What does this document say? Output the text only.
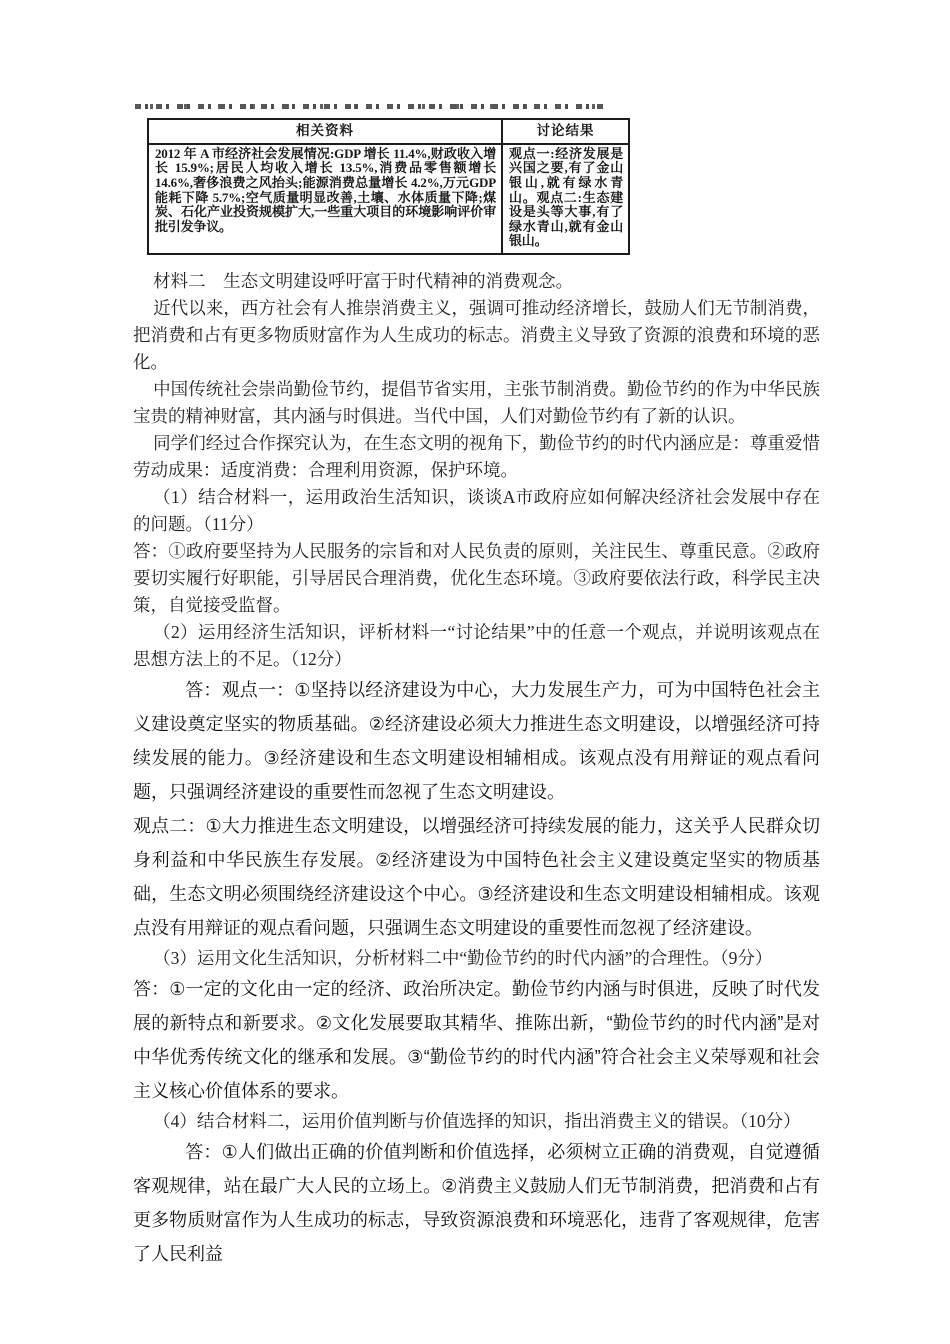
相关资料	讨论结果
2012 年 A 市经济社会发展情况:GDP 增长 11.4%,财政收入增长 15.9%;居民人均收入增长 13.5%,消费品零售额增长 14.6%,奢侈浪费之风抬头;能源消费总量增长 4.2%,万元GDP 能耗下降 5.7%;空气质量明显改善,土壤、水体质量下降;煤炭、石化产业投资规模扩大,一些重大项目的环境影响评价审批引发争议。	观点一:经济发展是兴国之要,有了金山银山,就有绿水青山。观点二:生态建设是头等大事,有了绿水青山,就有金山银山。

材料二　生态文明建设呼吁富于时代精神的消费观念。

近代以来，西方社会有人推崇消费主义，强调可推动经济增长，鼓励人们无节制消费，把消费和占有更多物质财富作为人生成功的标志。消费主义导致了资源的浪费和环境的恶化。

中国传统社会崇尚勤俭节约，提倡节省实用，主张节制消费。勤俭节约的作为中华民族宝贵的精神财富，其内涵与时俱进。当代中国，人们对勤俭节约有了新的认识。

同学们经过合作探究认为，在生态文明的视角下，勤俭节约的时代内涵应是：尊重爱惜劳动成果：适度消费：合理利用资源，保护环境。

（1）结合材料一，运用政治生活知识，谈谈A市政府应如何解决经济社会发展中存在的问题。（11分）

答：①政府要坚持为人民服务的宗旨和对人民负责的原则，关注民生、尊重民意。②政府要切实履行好职能，引导居民合理消费，优化生态环境。③政府要依法行政，科学民主决策，自觉接受监督。

（2）运用经济生活知识，评析材料一“讨论结果”中的任意一个观点，并说明该观点在思想方法上的不足。（12分）

答：观点一：①坚持以经济建设为中心，大力发展生产力，可为中国特色社会主义建设奠定坚实的物质基础。②经济建设必须大力推进生态文明建设，以增强经济可持续发展的能力。③经济建设和生态文明建设相辅相成。该观点没有用辩证的观点看问题，只强调经济建设的重要性而忽视了生态文明建设。

观点二：①大力推进生态文明建设，以增强经济可持续发展的能力，这关乎人民群众切身利益和中华民族生存发展。②经济建设为中国特色社会主义建设奠定坚实的物质基础，生态文明必须围绕经济建设这个中心。③经济建设和生态文明建设相辅相成。该观点没有用辩证的观点看问题，只强调生态文明建设的重要性而忽视了经济建设。

（3）运用文化生活知识，分析材料二中“勤俭节约的时代内涵”的合理性。（9分）

答：①一定的文化由一定的经济、政治所决定。勤俭节约内涵与时俱进，反映了时代发展的新特点和新要求。②文化发展要取其精华、推陈出新，“勤俭节约的时代内涵”是对中华优秀传统文化的继承和发展。③“勤俭节约的时代内涵”符合社会主义荣辱观和社会主义核心价值体系的要求。

（4）结合材料二，运用价值判断与价值选择的知识，指出消费主义的错误。（10分）

答：①人们做出正确的价值判断和价值选择，必须树立正确的消费观，自觉遵循客观规律，站在最广大人民的立场上。②消费主义鼓励人们无节制消费，把消费和占有更多物质财富作为人生成功的标志，导致资源浪费和环境恶化，违背了客观规律，危害了人民利益
